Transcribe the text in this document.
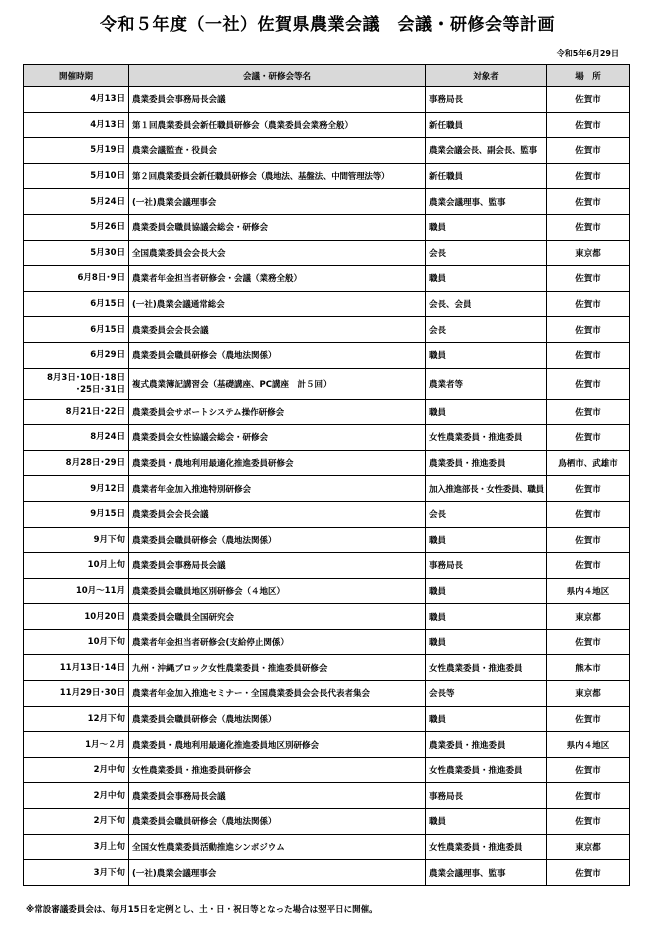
令和５年度（一社）佐賀県農業会議　会議・研修会等計画
令和5年6月29日
開催時期	会議・研修会等名	対象者	場　所
4月13日	農業委員会事務局長会議	事務局長	佐賀市
4月13日	第１回農業委員会新任職員研修会（農業委員会業務全般）	新任職員	佐賀市
5月19日	農業会議監査・役員会	農業会議会長、副会長、監事	佐賀市
5月10日	第２回農業委員会新任職員研修会（農地法、基盤法、中間管理法等）	新任職員	佐賀市
5月24日	(一社)農業会議理事会	農業会議理事、監事	佐賀市
5月26日	農業委員会職員協議会総会・研修会	職員	佐賀市
5月30日	全国農業委員会会長大会	会長	東京都
6月8日･9日	農業者年金担当者研修会・会議（業務全般）	職員	佐賀市
6月15日	(一社)農業会議通常総会	会長、会員	佐賀市
6月15日	農業委員会会長会議	会長	佐賀市
6月29日	農業委員会職員研修会（農地法関係）	職員	佐賀市
8月3日･10日･18日
･25日･31日	複式農業簿記講習会（基礎講座、PC講座　計５回）	農業者等	佐賀市
8月21日･22日	農業委員会サポートシステム操作研修会	職員	佐賀市
8月24日	農業委員会女性協議会総会・研修会	女性農業委員・推進委員	佐賀市
8月28日･29日	農業委員・農地利用最適化推進委員研修会	農業委員・推進委員	鳥栖市、武雄市
9月12日	農業者年金加入推進特別研修会	加入推進部長・女性委員、職員	佐賀市
9月15日	農業委員会会長会議	会長	佐賀市
9月下旬	農業委員会職員研修会（農地法関係）	職員	佐賀市
10月上旬	農業委員会事務局長会議	事務局長	佐賀市
10月～11月	農業委員会職員地区別研修会（４地区）	職員	県内４地区
10月20日	農業委員会職員全国研究会	職員	東京都
10月下旬	農業者年金担当者研修会(支給停止関係）	職員	佐賀市
11月13日･14日	九州・沖縄ブロック女性農業委員・推進委員研修会	女性農業委員・推進委員	熊本市
11月29日･30日	農業者年金加入推進セミナー・全国農業委員会会長代表者集会	会長等	東京都
12月下旬	農業委員会職員研修会（農地法関係）	職員	佐賀市
1月～２月	農業委員・農地利用最適化推進委員地区別研修会	農業委員・推進委員	県内４地区
2月中旬	女性農業委員・推進委員研修会	女性農業委員・推進委員	佐賀市
2月中旬	農業委員会事務局長会議	事務局長	佐賀市
2月下旬	農業委員会職員研修会（農地法関係）	職員	佐賀市
3月上旬	全国女性農業委員活動推進シンポジウム	女性農業委員・推進委員	東京都
3月下旬	(一社)農業会議理事会	農業会議理事、監事	佐賀市
※常設審議委員会は、毎月15日を定例とし、土・日・祝日等となった場合は翌平日に開催。
